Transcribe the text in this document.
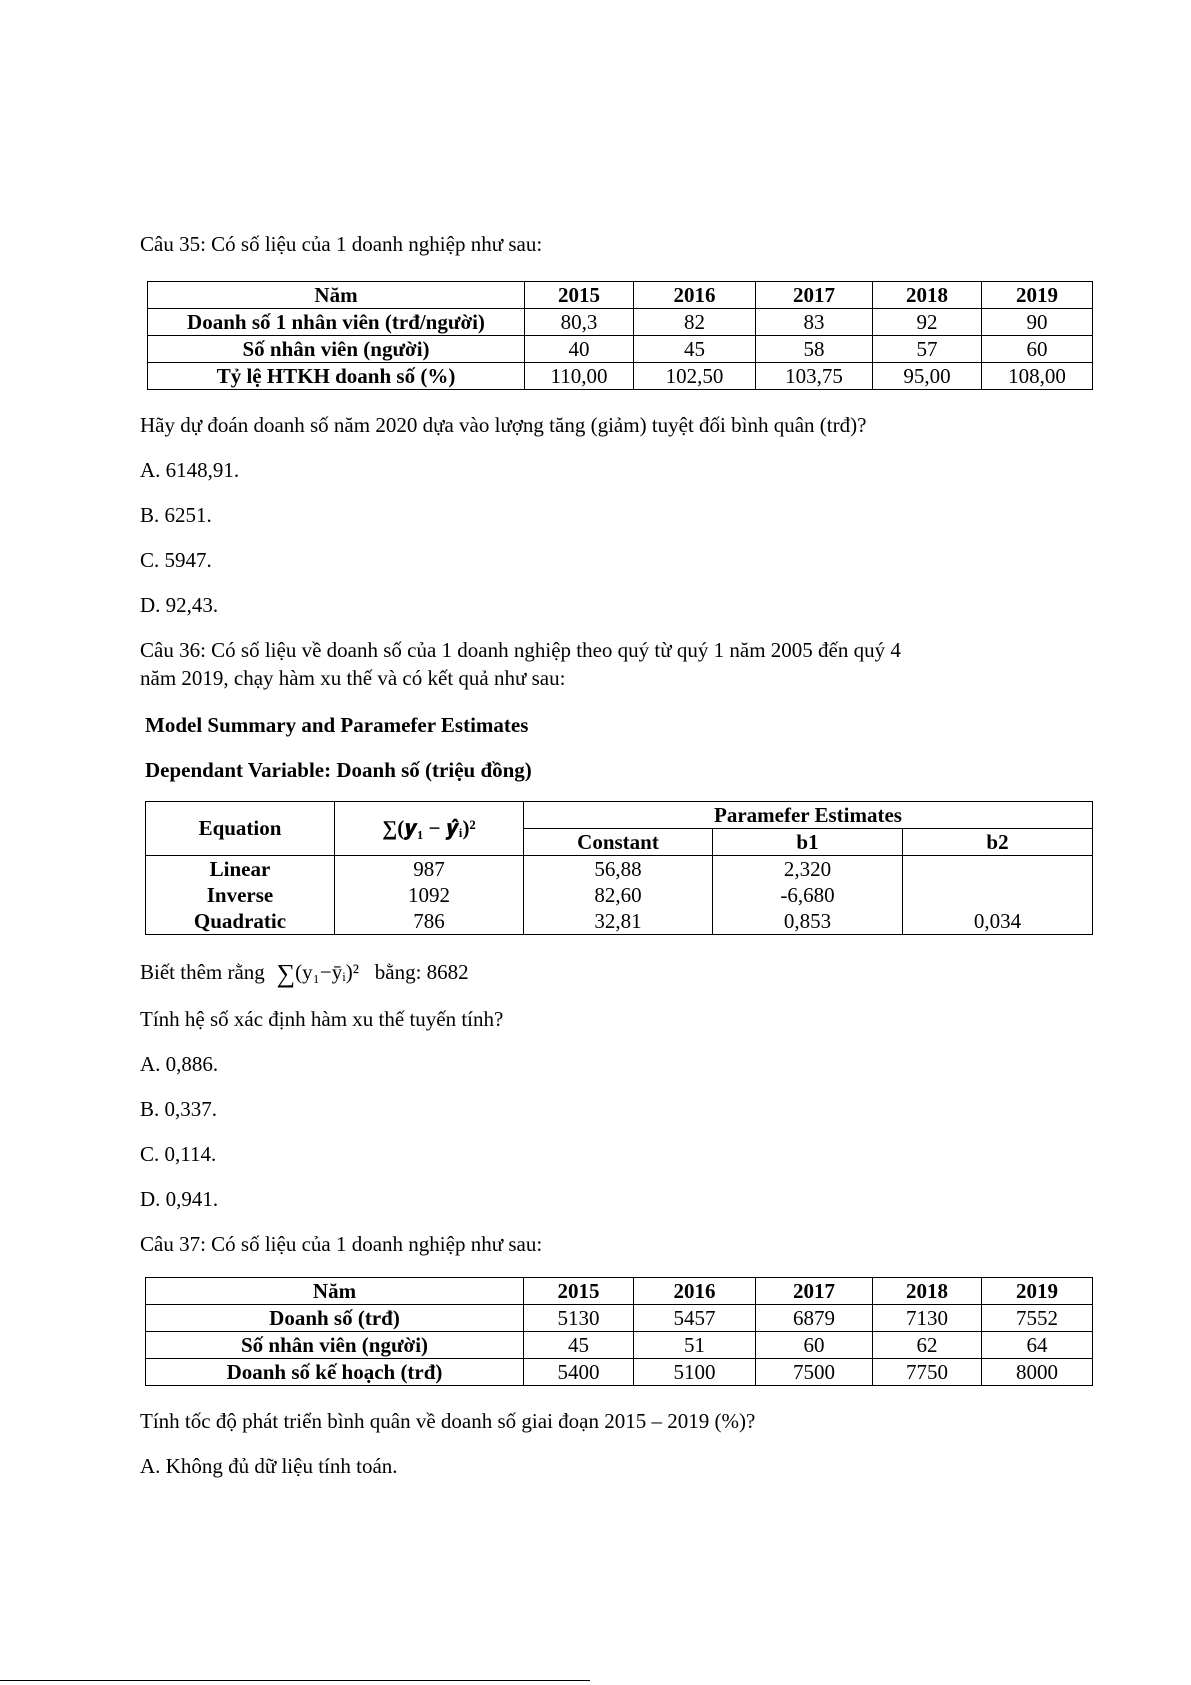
Câu 35: Có số liệu của 1 doanh nghiệp như sau:

Năm	2015	2016	2017	2018	2019
Doanh số 1 nhân viên (trđ/người)	80,3	82	83	92	90
Số nhân viên (người)	40	45	58	57	60
Tỷ lệ HTKH doanh số (%)	110,00	102,50	103,75	95,00	108,00

Hãy dự đoán doanh số năm 2020 dựa vào lượng tăng (giảm) tuyệt đối bình quân (trđ)?

A. 6148,91.

B. 6251.

C. 5947.

D. 92,43.

Câu 36: Có số liệu về doanh số của 1 doanh nghiệp theo quý từ quý 1 năm 2005 đến quý 4

năm 2019, chạy hàm xu thế và có kết quả như sau:

Model Summary and Paramefer Estimates

Dependant Variable: Doanh số (triệu đồng)

Equation	∑(𝒚₁ − 𝒚̂ᵢ)²	Paramefer Estimates		
		Constant	b1	b2
Linear	987	56,88	2,320	
Inverse	1092	82,60	-6,680	
Quadratic	786	32,81	0,853	0,034

Biết thêm rằng  ∑(y₁−ȳᵢ)² bằng: 8682

Tính hệ số xác định hàm xu thế tuyến tính?

A. 0,886.

B. 0,337.

C. 0,114.

D. 0,941.

Câu 37: Có số liệu của 1 doanh nghiệp như sau:

Năm	2015	2016	2017	2018	2019
Doanh số (trđ)	5130	5457	6879	7130	7552
Số nhân viên (người)	45	51	60	62	64
Doanh số kế hoạch (trđ)	5400	5100	7500	7750	8000

Tính tốc độ phát triển bình quân về doanh số giai đoạn 2015 – 2019 (%)?

A. Không đủ dữ liệu tính toán.
